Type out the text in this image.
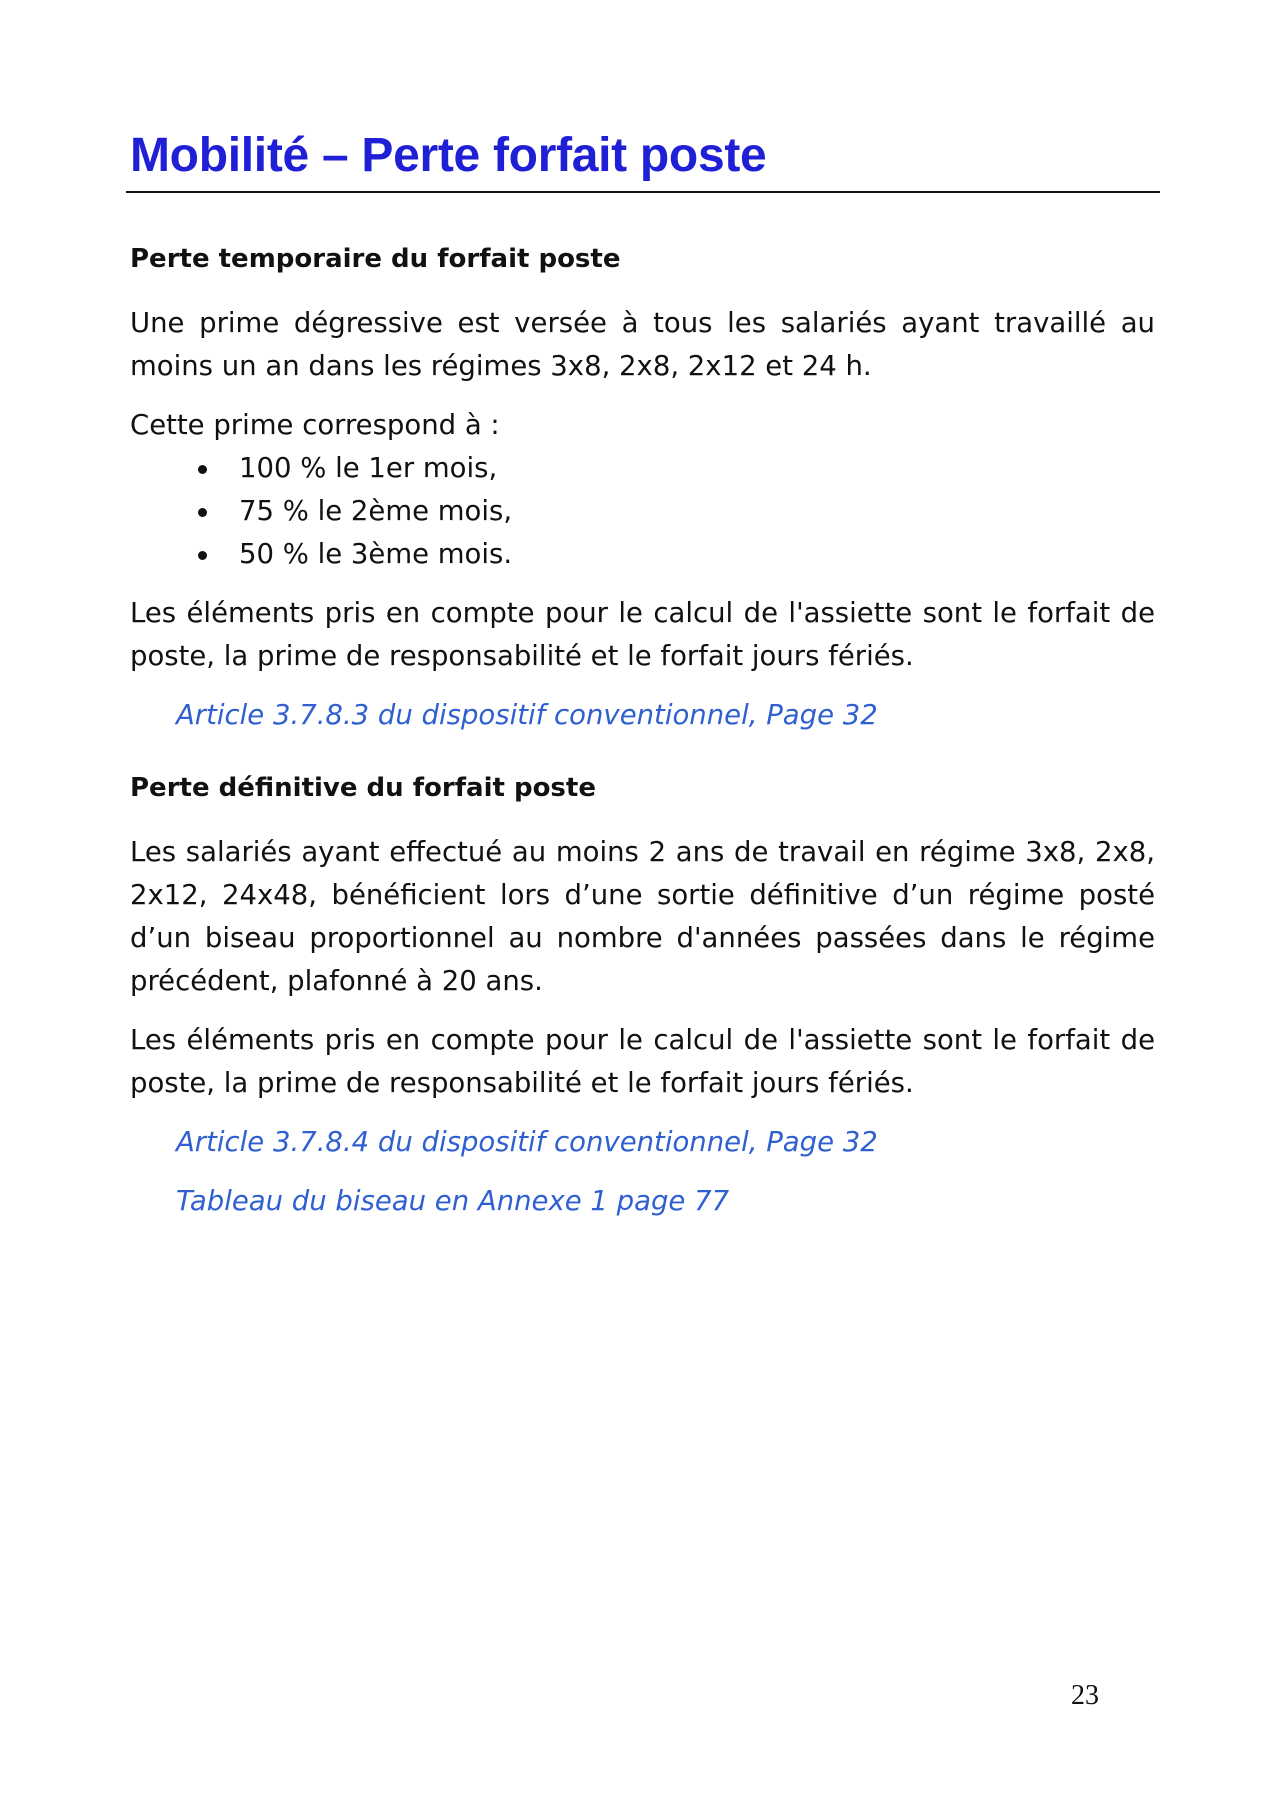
Mobilité – Perte forfait poste
Perte temporaire du forfait poste

Une prime dégressive est versée à tous les salariés ayant travaillé au moins un an dans les régimes 3x8, 2x8, 2x12 et 24 h.

Cette prime correspond à :

100 % le 1er mois,
75 % le 2ème mois,
50 % le 3ème mois.

Les éléments pris en compte pour le calcul de l'assiette sont le forfait de poste, la prime de responsabilité et le forfait jours fériés.

Article 3.7.8.3 du dispositif conventionnel, Page 32
Perte définitive du forfait poste

Les salariés ayant effectué au moins 2 ans de travail en régime 3x8, 2x8, 2x12, 24x48, bénéficient lors d’une sortie définitive d’un régime posté d’un biseau proportionnel au nombre d'années passées dans le régime précédent, plafonné à 20 ans.

Les éléments pris en compte pour le calcul de l'assiette sont le forfait de poste, la prime de responsabilité et le forfait jours fériés.

Article 3.7.8.4 du dispositif conventionnel, Page 32
Tableau du biseau en Annexe 1 page 77
23
